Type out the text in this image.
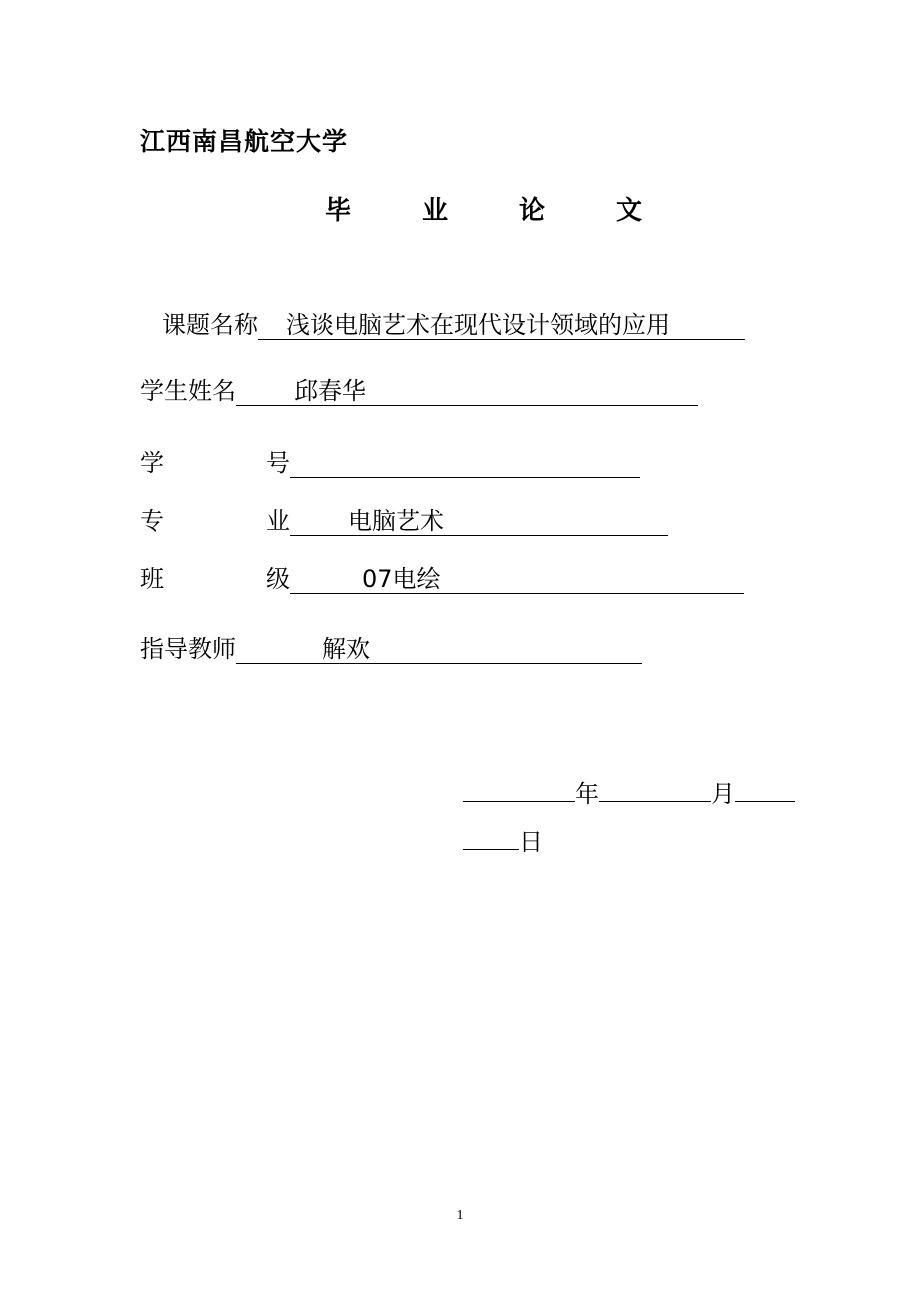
江西南昌航空大学
毕	业	论	文
课题名称 浅谈电脑艺术在现代设计领域的应用
学生姓名 邱春华
学	号
专	业	电脑艺术
班	级	07电绘
指导教师	解欢
年	月
日
1
